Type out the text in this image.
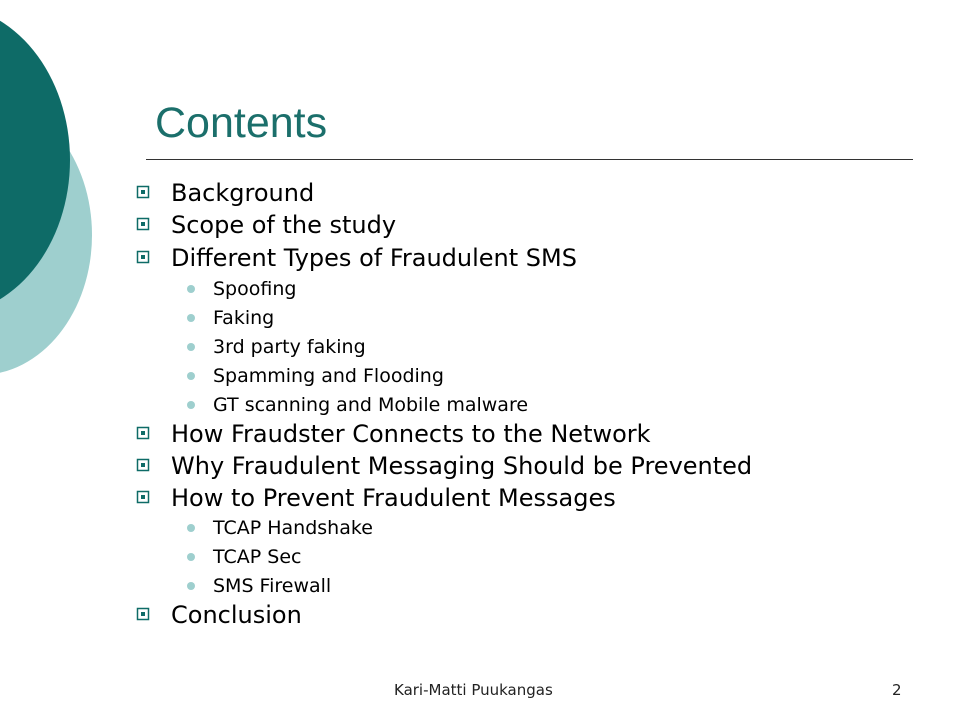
Contents
Background
Scope of the study
Different Types of Fraudulent SMS
Spoofing
Faking
3rd party faking
Spamming and Flooding
GT scanning and Mobile malware
How Fraudster Connects to the Network
Why Fraudulent Messaging Should be Prevented
How to Prevent Fraudulent Messages
TCAP Handshake
TCAP Sec
SMS Firewall
Conclusion
Kari-Matti Puukangas	2
